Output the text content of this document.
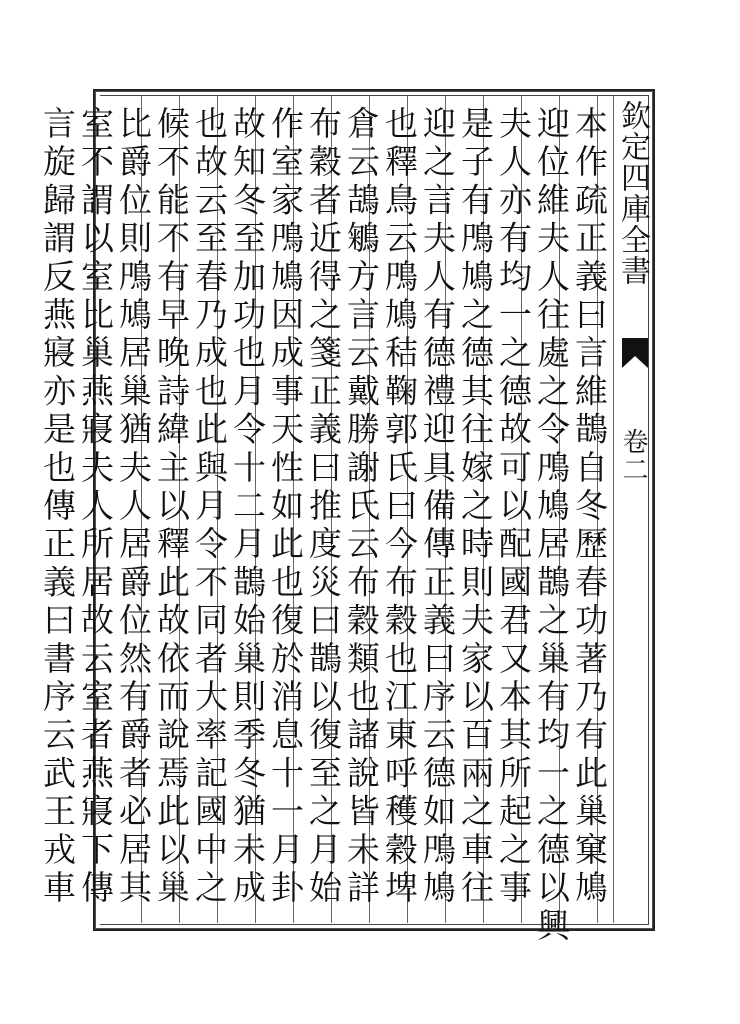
欽定四庫全書
卷二
本作疏正義曰言維鵲自冬歷春功著乃有此巢窠鳩
迎位維夫人往處之令鳲鳩居鵲之巢有均一之德以興
夫人亦有均一之德故可以配國君又本其所起之事
是子有鳲鳩之德其往嫁之時則夫家以百兩之車往
迎之言夫人有德禮迎具備傳正義曰序云德如鳲鳩
也釋鳥云鳲鳩秸鞠郭氏曰今布穀也江東呼穫穀埤
倉云鴶鵴方言云戴勝謝氏云布穀類也諸說皆未詳
布穀者近得之箋正義曰推度災曰鵲以復至之月始
作室家鳲鳩因成事天性如此也復於消息十一月卦
故知冬至加功也月令十二月鵲始巢則季冬猶未成
也故云至春乃成也此與月令不同者大率記國中之
候不能不有早晚詩緯主以釋此故依而說焉此以巢
比爵位則鳲鳩居巢猶夫人居爵位然有爵者必居其
室不謂以室比巢燕寢夫人所居故云室者燕寢下傳
言旋歸謂反燕寢亦是也傳正義曰書序云武王戎車
